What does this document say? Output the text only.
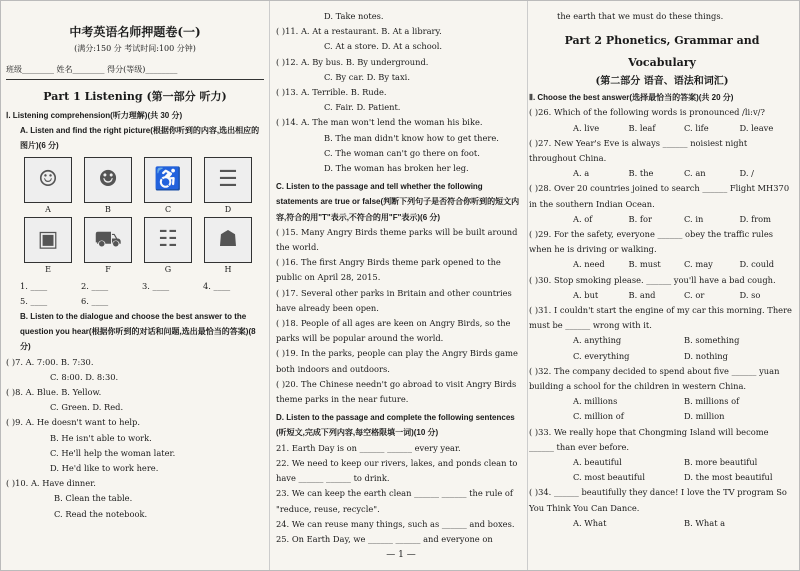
中考英语名师押题卷(一)
(满分:150 分 考试时间:100 分钟)
班级________ 姓名________ 得分(等级)________
Part 1 Listening (第一部分 听力)
Ⅰ. Listening comprehension(听力理解)(共 30 分)
A. Listen and find the right picture(根据你听到的内容,选出相应的图片)(6 分)
☺
A
☻
B
♿
C
☰
D
▣
E
⛟
F
☷
G
☗
H
1. ____	2. ____	3. ____	4. ____
5. ____	6. ____
B. Listen to the dialogue and choose the best answer to the question you hear(根据你听到的对话和问题,选出最恰当的答案)(8 分)
( )7. A. 7:00. B. 7:30.
C. 8:00. D. 8:30.
( )8. A. Blue. B. Yellow.
C. Green. D. Red.
( )9. A. He doesn't want to help.
B. He isn't able to work.
C. He'll help the woman later.
D. He'd like to work here.
( )10. A. Have dinner.
B. Clean the table.
C. Read the notebook.
D. Take notes.
( )11. A. At a restaurant. B. At a library.
C. At a store. D. At a school.
( )12. A. By bus. B. By underground.
C. By car. D. By taxi.
( )13. A. Terrible. B. Rude.
C. Fair. D. Patient.
( )14. A. The man won't lend the woman his bike.
B. The man didn't know how to get there.
C. The woman can't go there on foot.
D. The woman has broken her leg.
C. Listen to the passage and tell whether the following statements are true or false(判断下列句子是否符合你听到的短文内容,符合的用"T"表示,不符合的用"F"表示)(6 分)
( )15. Many Angry Birds theme parks will be built around the world.
( )16. The first Angry Birds theme park opened to the public on April 28, 2015.
( )17. Several other parks in Britain and other countries have already been open.
( )18. People of all ages are keen on Angry Birds, so the parks will be popular around the world.
( )19. In the parks, people can play the Angry Birds game both indoors and outdoors.
( )20. The Chinese needn't go abroad to visit Angry Birds theme parks in the near future.
D. Listen to the passage and complete the following sentences (听短文,完成下列内容,每空格限填一词)(10 分)
21. Earth Day is on ______ ______ every year.
22. We need to keep our rivers, lakes, and ponds clean to have ______ ______ to drink.
23. We can keep the earth clean ______ ______ the rule of "reduce, reuse, recycle".
24. We can reuse many things, such as ______ and boxes.
25. On Earth Day, we ______ ______ and everyone on
the earth that we must do these things.
Part 2 Phonetics, Grammar and Vocabulary
(第二部分 语音、语法和词汇)
Ⅱ. Choose the best answer(选择最恰当的答案)(共 20 分)
( )26. Which of the following words is pronounced /li:v/?
A. live	B. leaf	C. life	D. leave
( )27. New Year's Eve is always ______ noisiest night throughout China.
A. a	B. the	C. an	D. /
( )28. Over 20 countries joined to search ______ Flight MH370 in the southern Indian Ocean.
A. of	B. for	C. in	D. from
( )29. For the safety, everyone ______ obey the traffic rules when he is driving or walking.
A. need	B. must	C. may	D. could
( )30. Stop smoking please. ______ you'll have a bad cough.
A. but	B. and	C. or	D. so
( )31. I couldn't start the engine of my car this morning. There must be ______ wrong with it.
A. anything	B. something
C. everything	D. nothing
( )32. The company decided to spend about five ______ yuan building a school for the children in western China.
A. millions	B. millions of
C. million of	D. million
( )33. We really hope that Chongming Island will become ______ than ever before.
A. beautiful	B. more beautiful
C. most beautiful	D. the most beautiful
( )34. ______ beautifully they dance! I love the TV program So You Think You Can Dance.
A. What	B. What a
— 1 —
